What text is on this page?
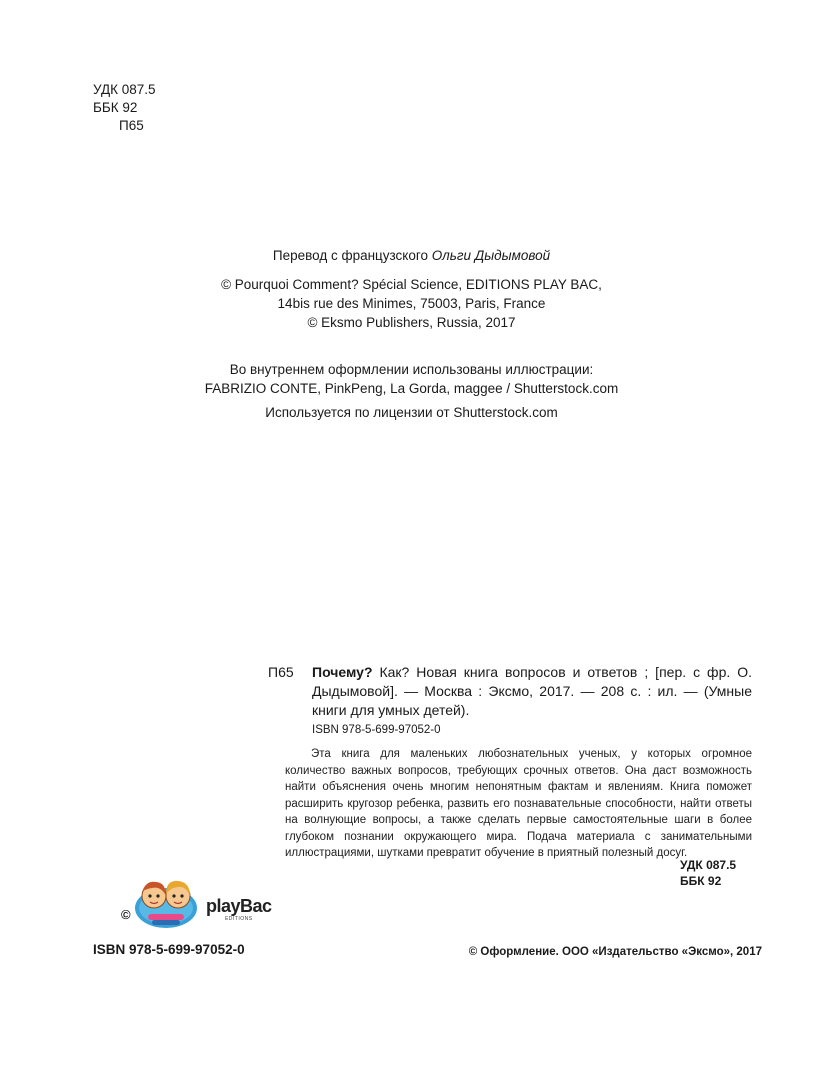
УДК 087.5
ББК 92
П65
Перевод с французского Ольги Дыдымовой
© Pourquoi Comment? Spécial Science, EDITIONS PLAY BAC,
14bis rue des Minimes, 75003, Paris, France
© Eksmo Publishers, Russia, 2017
Во внутреннем оформлении использованы иллюстрации:
FABRIZIO CONTE, PinkPeng, La Gorda, maggee / Shutterstock.com
Используется по лицензии от Shutterstock.com
П65	Почему? Как? Новая книга вопросов и ответов ; [пер. с фр. О. Дыдымовой]. — Москва : Эксмо, 2017. — 208 с. : ил. — (Умные книги для умных детей).
ISBN 978-5-699-97052-0
Эта книга для маленьких любознательных ученых, у которых огромное количество важных вопросов, требующих срочных ответов. Она даст возможность найти объяснения очень многим непонятным фактам и явлениям. Книга поможет расширить кругозор ребенка, развить его познавательные способности, найти ответы на волнующие вопросы, а также сделать первые самостоятельные шаги в более глубоком познании окружающего мира. Подача материала с занимательными иллюстрациями, шутками превратит обучение в приятный полезный досуг.
УДК 087.5
ББК 92
©	playBac
EDITIONS
ISBN 978-5-699-97052-0	© Оформление. ООО «Издательство «Эксмо», 2017
